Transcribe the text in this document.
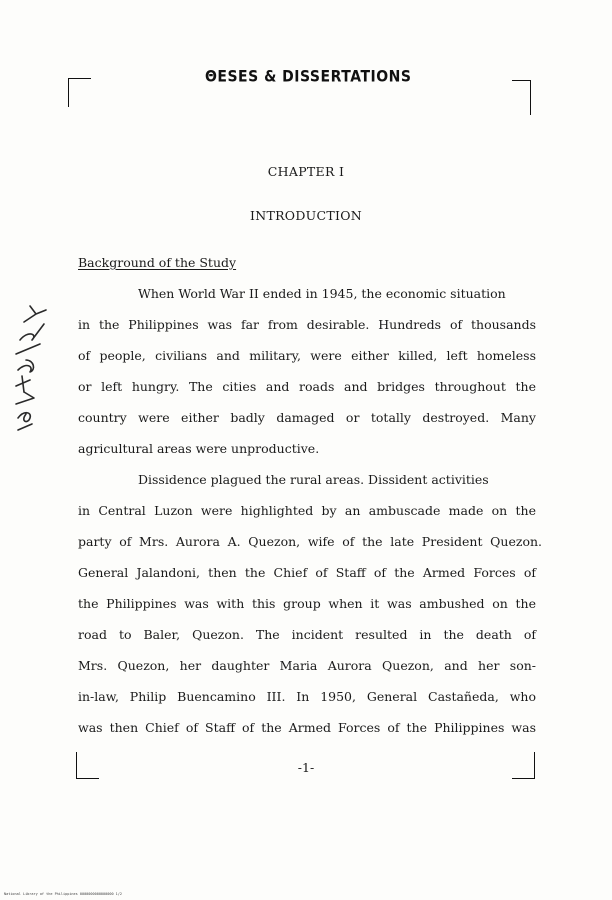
ΘESES & DISSERTATIONS
CHAPTER I
INTRODUCTION
Background of the Study
When World War II ended in 1945, the economic situation
in the Philippines was far from desirable. Hundreds of thousands
of people, civilians and military, were either killed, left homeless
or left hungry. The cities and roads and bridges throughout the
country were either badly damaged or totally destroyed. Many
agricultural areas were unproductive.
Dissidence plagued the rural areas. Dissident activities
in Central Luzon were highlighted by an ambuscade made on the
party of Mrs. Aurora A. Quezon, wife of the late President Quezon.
General Jalandoni, then the Chief of Staff of the Armed Forces of
the Philippines was with this group when it was ambushed on the
road to Baler, Quezon. The incident resulted in the death of
Mrs. Quezon, her daughter Maria Aurora Quezon, and her son-
in-law, Philip Buencamino III. In 1950, General Castañeda, who
was then Chief of Staff of the Armed Forces of the Philippines was
-1-
National Library of the Philippines 0000000000000000 1/2
